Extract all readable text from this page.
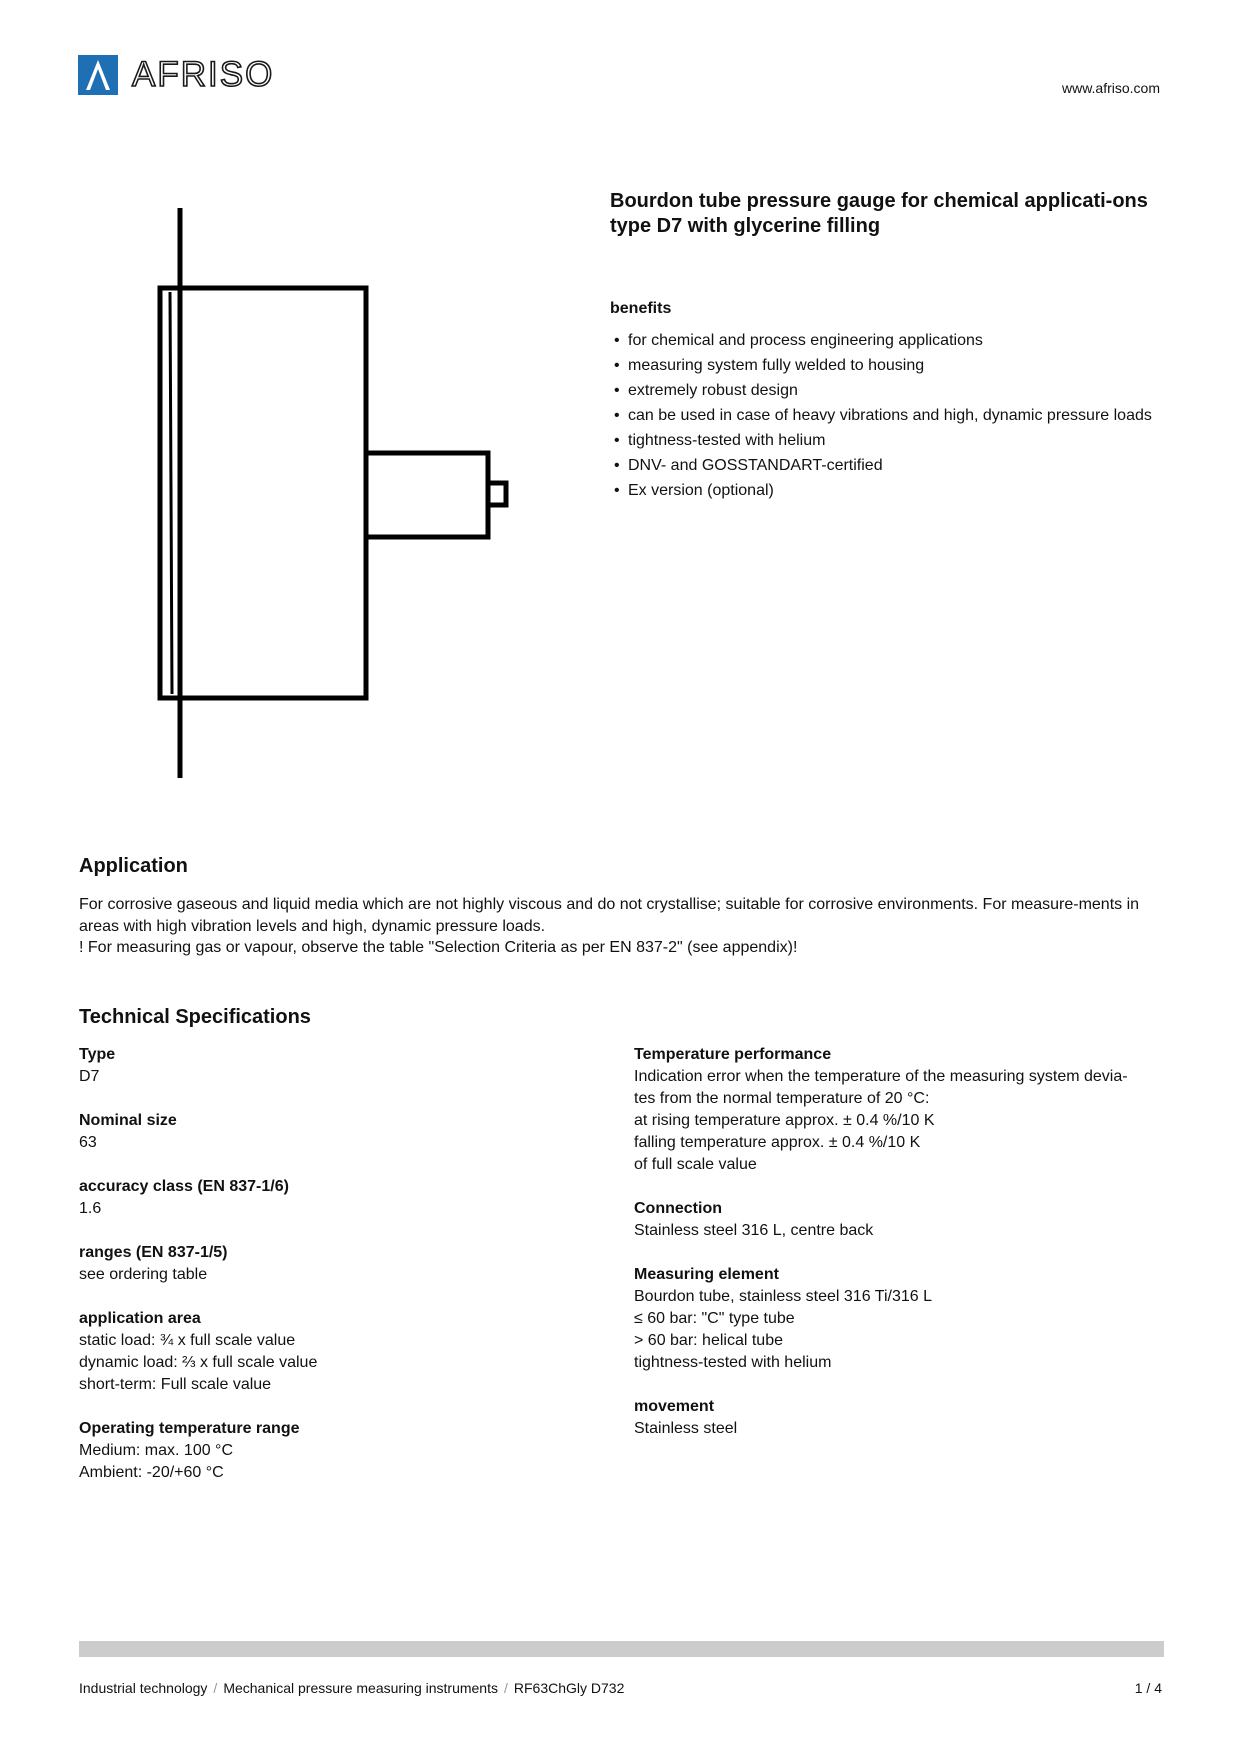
AFRISO	www.afriso.com
Bourdon tube pressure gauge for chemical applicati-ons type D7 with glycerine filling
benefits
• for chemical and process engineering applications
• measuring system fully welded to housing
• extremely robust design
• can be used in case of heavy vibrations and high, dynamic pressure loads
• tightness-tested with helium
• DNV- and GOSSTANDART-certified
• Ex version (optional)
Application
For corrosive gaseous and liquid media which are not highly viscous and do not crystallise; suitable for corrosive environments. For measure-ments in areas with high vibration levels and high, dynamic pressure loads.
! For measuring gas or vapour, observe the table "Selection Criteria as per EN 837-2" (see appendix)!
Technical Specifications
Type
D7
Nominal size
63
accuracy class (EN 837-1/6)
1.6
ranges (EN 837-1/5)
see ordering table
application area
static load: ¾ x full scale value
dynamic load: ⅔ x full scale value
short-term: Full scale value
Operating temperature range
Medium: max. 100 °C
Ambient: -20/+60 °C
Temperature performance
Indication error when the temperature of the measuring system devia-
tes from the normal temperature of 20 °C:
at rising temperature approx. ± 0.4 %/10 K
falling temperature approx. ± 0.4 %/10 K
of full scale value
Connection
Stainless steel 316 L, centre back
Measuring element
Bourdon tube, stainless steel 316 Ti/316 L
≤ 60 bar: "C" type tube
> 60 bar: helical tube
tightness-tested with helium
movement
Stainless steel
Industrial technology / Mechanical pressure measuring instruments / RF63ChGly D732	1 / 4
